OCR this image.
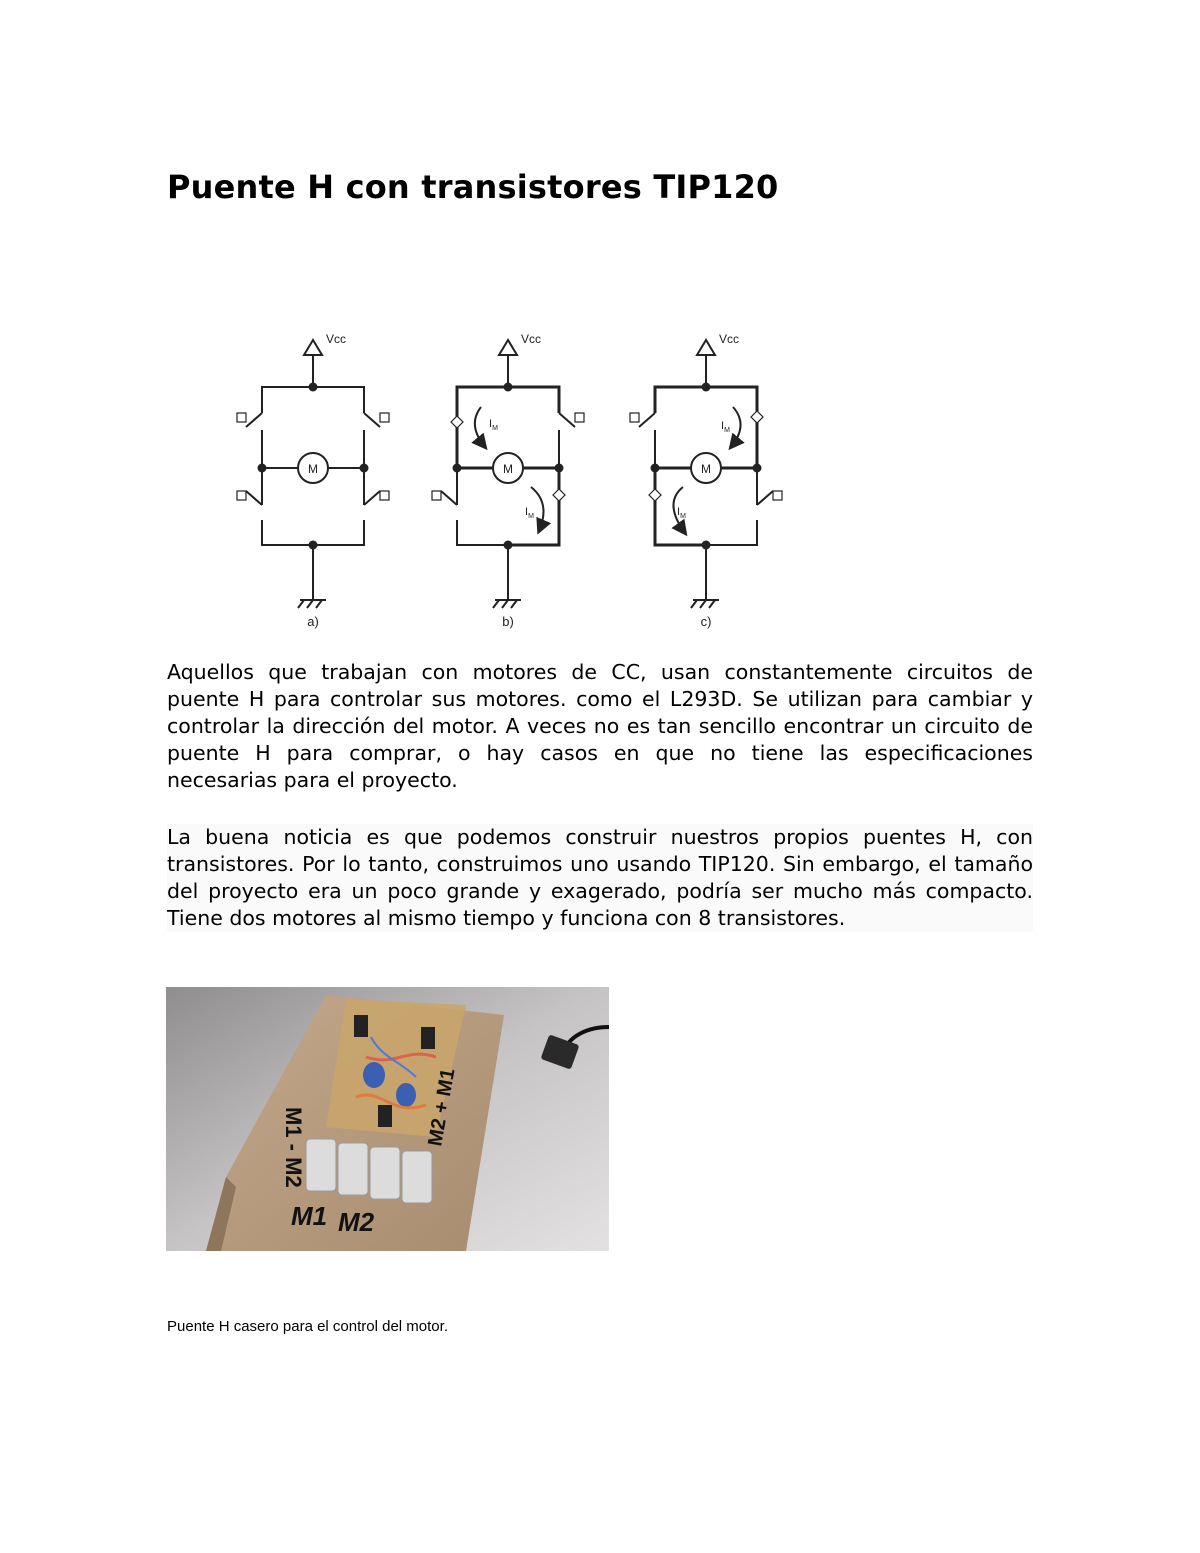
Puente H con transistores TIP120
Vcc
M
a)
Vcc
M
$I_M$
$I_M$
b)
Vcc
M
$I_M$
$I_M$
c)

Aquellos que trabajan con motores de CC, usan constantemente circuitos de puente H para controlar sus motores. como el L293D. Se utilizan para cambiar y controlar la dirección del motor. A veces no es tan sencillo encontrar un circuito de puente H para comprar, o hay casos en que no tiene las especificaciones necesarias para el proyecto.

La buena noticia es que podemos construir nuestros propios puentes H, con transistores. Por lo tanto, construimos uno usando TIP120. Sin embargo, el tamaño del proyecto era un poco grande y exagerado, podría ser mucho más compacto. Tiene dos motores al mismo tiempo y funciona con 8 transistores.

M1 - M2	M2 + M1
M1 M2

Puente H casero para el control del motor.
